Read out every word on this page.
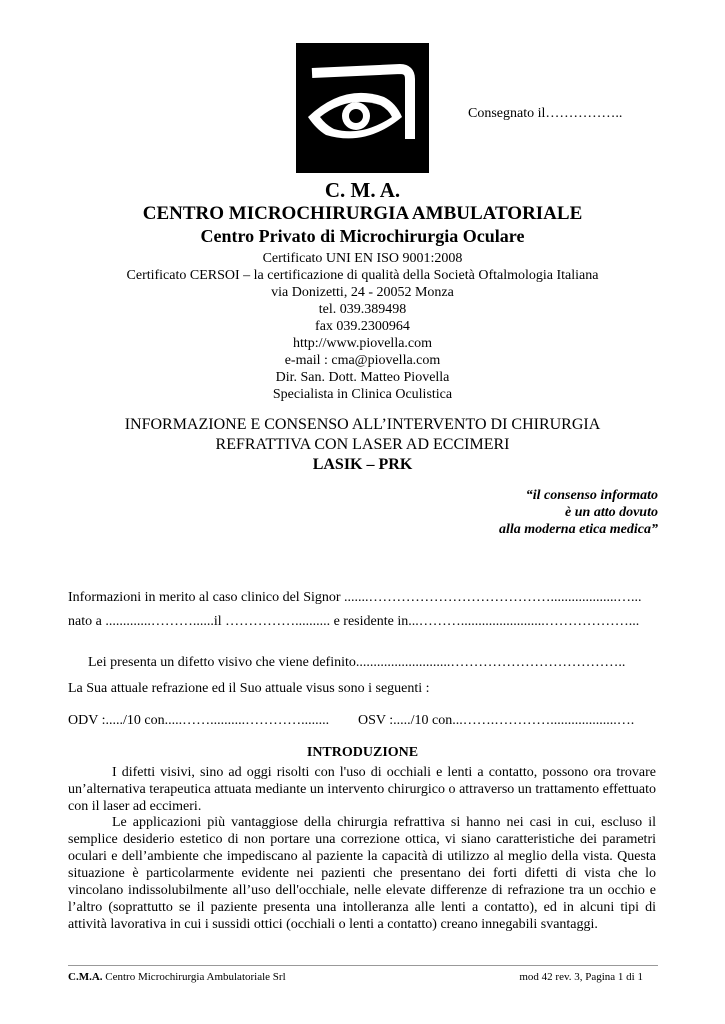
Consegnato il……………..
C. M. A.
CENTRO MICROCHIRURGIA AMBULATORIALE
Centro Privato di Microchirurgia Oculare
Certificato UNI EN ISO 9001:2008
Certificato CERSOI – la certificazione di qualità della Società Oftalmologia Italiana
via Donizetti, 24 - 20052 Monza
tel. 039.389498
fax 039.2300964
http://www.piovella.com
e-mail : cma@piovella.com
Dir. San. Dott. Matteo Piovella
Specialista in Clinica Oculistica
INFORMAZIONE E CONSENSO ALL’INTERVENTO DI CHIRURGIA
REFRATTIVA CON LASER AD ECCIMERI
LASIK – PRK
“il consenso informato
è un atto dovuto
alla moderna etica medica”
Informazioni in merito al caso clinico del Signor .......…………………………………...................…...
nato a .............………......il …………….......... e residente in...………........................………………...
Lei presenta un difetto visivo che viene definito...........................………………………………..
La Sua attuale refrazione ed il Suo attuale visus sono i seguenti :
ODV :...../10 con.....……..........…………........ OSV :...../10 con...…….…………...................….
INTRODUZIONE
I difetti visivi, sino ad oggi risolti con l'uso di occhiali e lenti a contatto, possono ora trovare un’alternativa terapeutica attuata mediante un intervento chirurgico o attraverso un trattamento effettuato con il laser ad eccimeri.
Le applicazioni più vantaggiose della chirurgia refrattiva si hanno nei casi in cui, escluso il semplice desiderio estetico di non portare una correzione ottica, vi siano caratteristiche dei parametri oculari e dell’ambiente che impediscano al paziente la capacità di utilizzo al meglio della vista. Questa situazione è particolarmente evidente nei pazienti che presentano dei forti difetti di vista che lo vincolano indissolubilmente all’uso dell'occhiale, nelle elevate differenze di refrazione tra un occhio e l’altro (soprattutto se il paziente presenta una intolleranza alle lenti a contatto), ed in alcuni tipi di attività lavorativa in cui i sussidi ottici (occhiali o lenti a contatto) creano innegabili svantaggi.
C.M.A. Centro Microchirurgia Ambulatoriale Srl	mod 42 rev. 3, Pagina 1 di 1
